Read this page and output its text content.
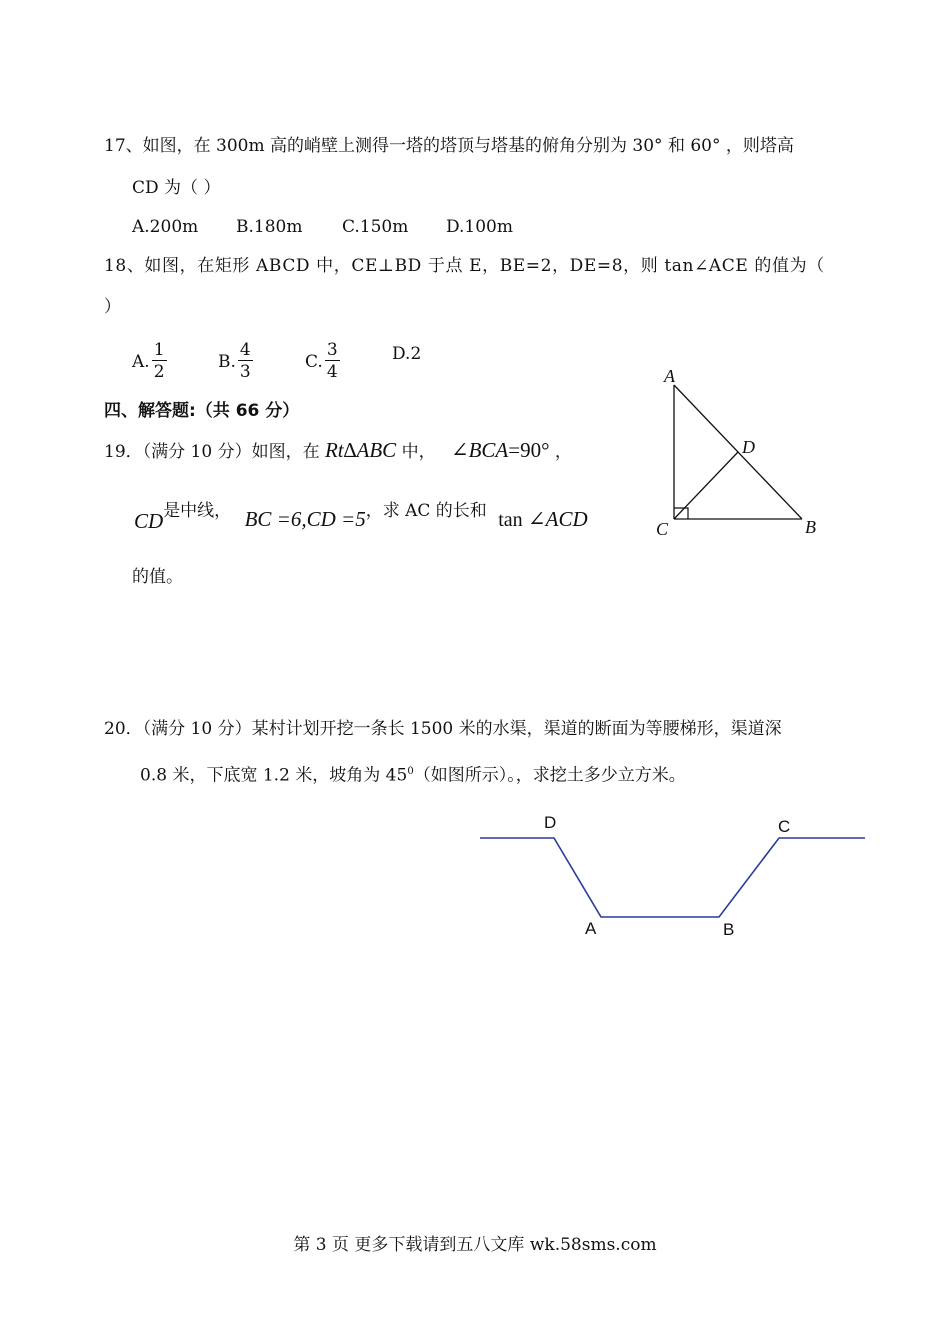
17、如图，在 300m 高的峭壁上测得一塔的塔顶与塔基的俯角分别为 30° 和 60° ，则塔高
CD 为（ ）
A.200m B.180m C.150m D.100m
18、如图，在矩形 ABCD 中，CE⊥BD 于点 E，BE=2，DE=8，则 tan∠ACE 的值为（
）
A. $\frac{1}{2}$	B. $\frac{4}{3}$	C. $\frac{3}{4}$	D. 2
四、解答题:（共 66 分）
19．（满分 10 分）如图，在 Rt∆ABC 中， ∠BCA=90° ，
CD是中线， BC =6,CD =5，求 AC 的长和 tan ∠ACD
的值。
A
D
C	B
20．（满分 10 分）某村计划开挖一条长 1500 米的水渠，渠道的断面为等腰梯形，渠道深
0.8 米，下底宽 1.2 米，坡角为 $45^0$（如图所示）。，求挖土多少立方米。
D	C
A	B
第 3 页 更多下载请到五八文库 wk.58sms.com
